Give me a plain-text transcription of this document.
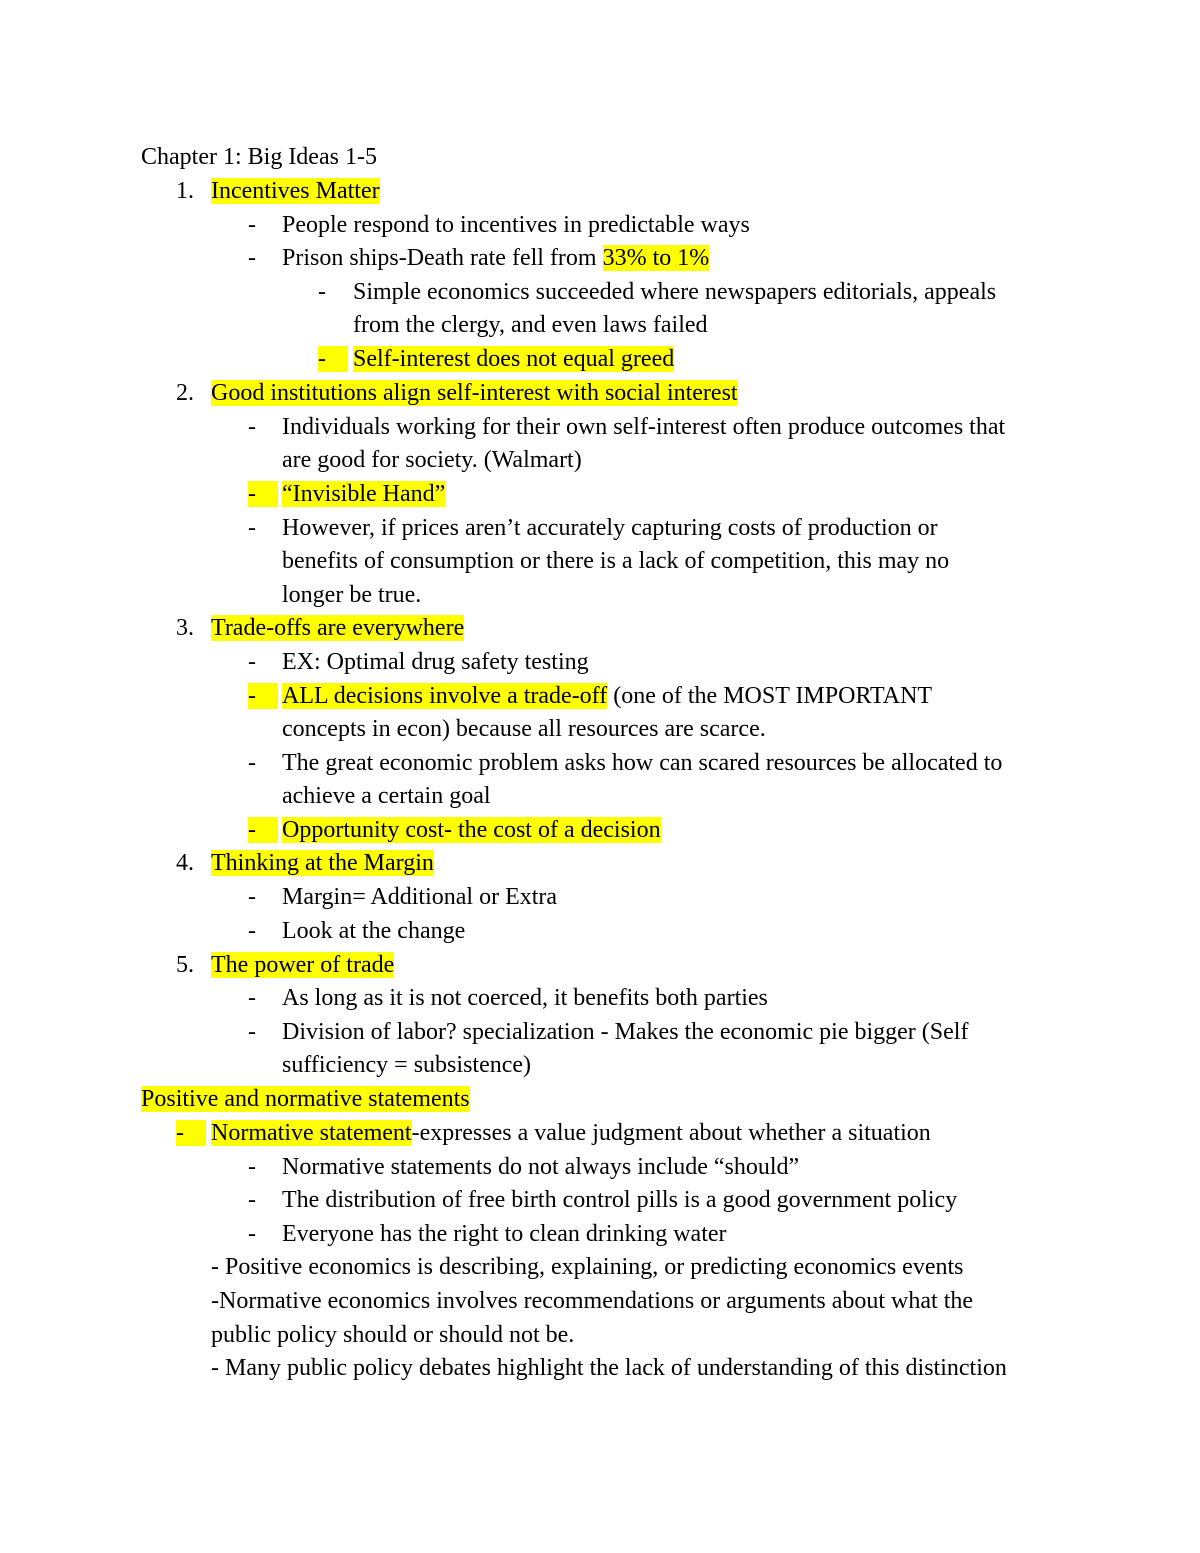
Chapter 1: Big Ideas 1-5
1. Incentives Matter
- People respond to incentives in predictable ways
- Prison ships-Death rate fell from 33% to 1%
- Simple economics succeeded where newspapers editorials, appeals
from the clergy, and even laws failed
-	Self-interest does not equal greed
2. Good institutions align self-interest with social interest
- Individuals working for their own self-interest often produce outcomes that
are good for society. (Walmart)
-	“Invisible Hand”
- However, if prices aren’t accurately capturing costs of production or
benefits of consumption or there is a lack of competition, this may no
longer be true.
3. Trade-offs are everywhere
- EX: Optimal drug safety testing
-	ALL decisions involve a trade-off (one of the MOST IMPORTANT
concepts in econ) because all resources are scarce.
- The great economic problem asks how can scared resources be allocated to
achieve a certain goal
-	Opportunity cost- the cost of a decision
4. Thinking at the Margin
- Margin= Additional or Extra
- Look at the change
5. The power of trade
- As long as it is not coerced, it benefits both parties
- Division of labor? specialization - Makes the economic pie bigger (Self
sufficiency = subsistence)
Positive and normative statements
-	Normative statement-expresses a value judgment about whether a situation
- Normative statements do not always include “should”
- The distribution of free birth control pills is a good government policy
- Everyone has the right to clean drinking water
- Positive economics is describing, explaining, or predicting economics events
-Normative economics involves recommendations or arguments about what the
public policy should or should not be.
- Many public policy debates highlight the lack of understanding of this distinction
